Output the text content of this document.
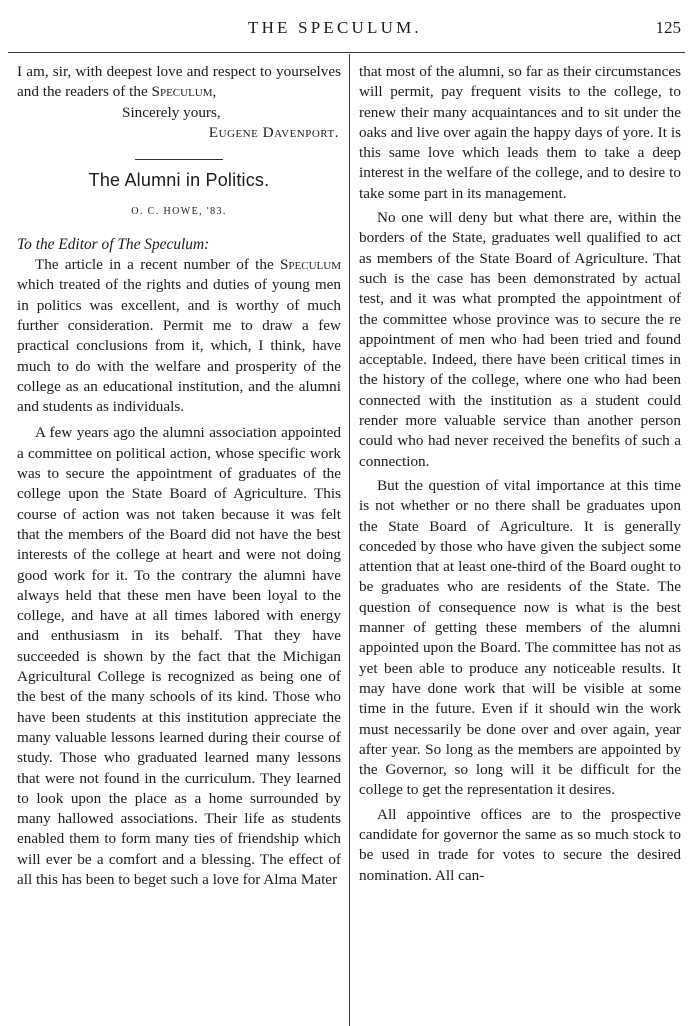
THE SPECULUM.	125

I am, sir, with deepest love and respect to yourselves and the readers of the Speculum,

Sincerely yours,

Eugene Davenport.

The Alumni in Politics.
O. C. HOWE, '83.

To the Editor of The Speculum:

The article in a recent number of the Speculum which treated of the rights and duties of young men in politics was excellent, and is worthy of much further consideration. Permit me to draw a few practical conclusions from it, which, I think, have much to do with the welfare and prosperity of the college as an educational institution, and the alumni and students as individuals.

A few years ago the alumni association appointed a committee on political action, whose specific work was to secure the appointment of graduates of the college upon the State Board of Agriculture. This course of action was not taken because it was felt that the members of the Board did not have the best interests of the college at heart and were not doing good work for it. To the contrary the alumni have always held that these men have been loyal to the college, and have at all times labored with energy and enthusiasm in its behalf. That they have succeeded is shown by the fact that the Michigan Agricultural College is recognized as being one of the best of the many schools of its kind. Those who have been students at this institution appreciate the many valuable lessons learned during their course of study. Those who graduated learned many lessons that were not found in the curriculum. They learned to look upon the place as a home surrounded by many hallowed associations. Their life as students enabled them to form many ties of friendship which will ever be a comfort and a blessing. The effect of all this has been to beget such a love for Alma Mater

that most of the alumni, so far as their circumstances will permit, pay frequent visits to the college, to renew their many acquaintances and to sit under the oaks and live over again the happy days of yore. It is this same love which leads them to take a deep interest in the welfare of the college, and to desire to take some part in its management.

No one will deny but what there are, within the borders of the State, graduates well qualified to act as members of the State Board of Agriculture. That such is the case has been demonstrated by actual test, and it was what prompted the appointment of the committee whose province was to secure the re appointment of men who had been tried and found acceptable. Indeed, there have been critical times in the history of the college, where one who had been connected with the institution as a student could render more valuable service than another person could who had never received the benefits of such a connection.

But the question of vital importance at this time is not whether or no there shall be graduates upon the State Board of Agriculture. It is generally conceded by those who have given the subject some attention that at least one-third of the Board ought to be graduates who are residents of the State. The question of consequence now is what is the best manner of getting these members of the alumni appointed upon the Board. The committee has not as yet been able to produce any noticeable results. It may have done work that will be visible at some time in the future. Even if it should win the work must necessarily be done over and over again, year after year. So long as the members are appointed by the Governor, so long will it be difficult for the college to get the representation it desires.

All appointive offices are to the prospective candidate for governor the same as so much stock to be used in trade for votes to secure the desired nomination. All can-
